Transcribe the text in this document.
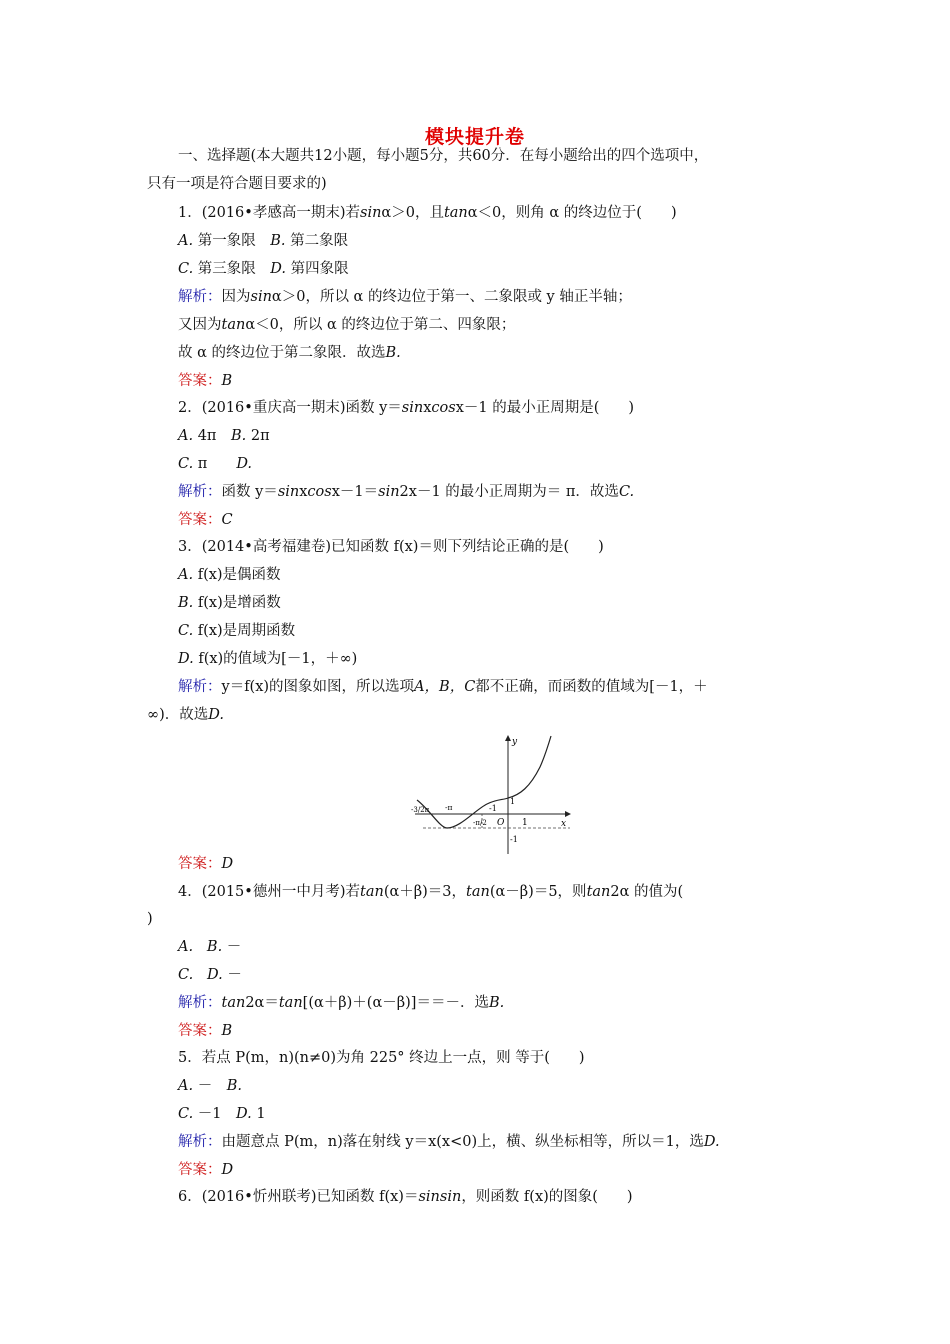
模块提升卷
一、选择题(本大题共12小题，每小题5分，共60分．在每小题给出的四个选项中，
只有一项是符合题目要求的)
1．(2016•孝感高一期末)若sinα＞0，且tanα＜0，则角 α 的终边位于(　　)
A. 第一象限　B. 第二象限
C. 第三象限　D. 第四象限
解析：因为sinα＞0，所以 α 的终边位于第一、二象限或 y 轴正半轴；
又因为tanα＜0，所以 α 的终边位于第二、四象限；
故 α 的终边位于第二象限．故选B.
答案：B
2．(2016•重庆高一期末)函数 y＝sinxcosx－1 的最小正周期是(　　)
A. 4π　B. 2π
C. π　　D.
解析：函数 y＝sinxcosx－1＝sin2x－1 的最小正周期为＝ π．故选C.
答案：C
3．(2014•高考福建卷)已知函数 f(x)＝则下列结论正确的是(　　)
A. f(x)是偶函数
B. f(x)是增函数
C. f(x)是周期函数
D. f(x)的值域为[－1，＋∞)
解析：y＝f(x)的图象如图，所以选项A，B，C都不正确，而函数的值域为[－1，＋
∞)．故选D.
y
x
O 1
1
-1
-1
-π
-π/2
-3/2π
答案：D
4．(2015•德州一中月考)若tan(α＋β)＝3，tan(α－β)＝5，则tan2α 的值为(
)
A. B. －
C. D. －
解析：tan2α＝tan[(α＋β)＋(α－β)]＝＝－．选B.
答案：B
5．若点 P(m，n)(n≠0)为角 225° 终边上一点，则 等于(　　)
A. －　B.
C. －1　D. 1
解析：由题意点 P(m，n)落在射线 y＝x(x<0)上，横、纵坐标相等，所以＝1，选D.
答案：D
6．(2016•忻州联考)已知函数 f(x)＝sinsin，则函数 f(x)的图象(　　)
